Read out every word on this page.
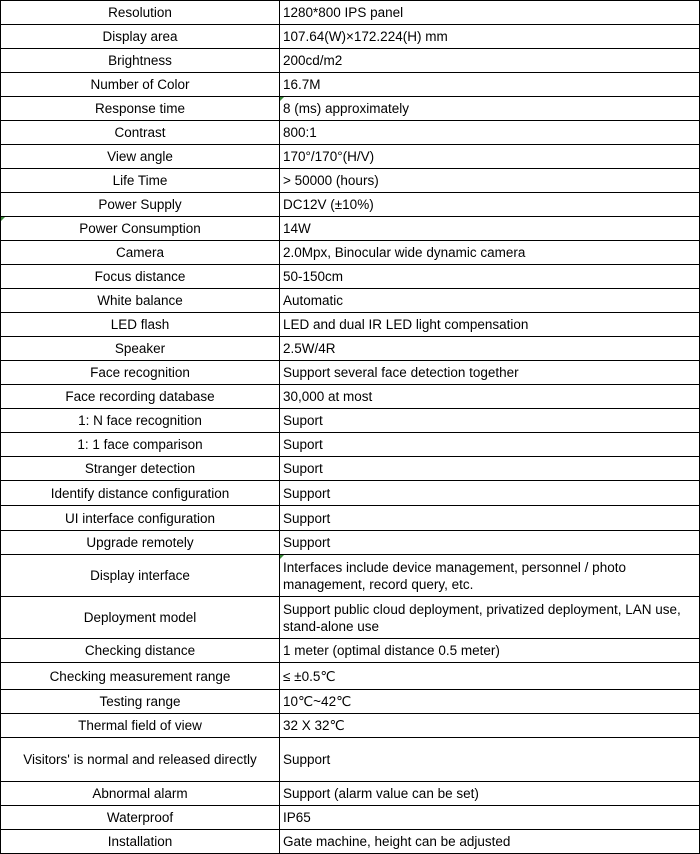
Resolution	1280*800 IPS panel
Display area	107.64(W)×172.224(H) mm
Brightness	200cd/m2
Number of Color	16.7M
Response time	8 (ms) approximately
Contrast	800:1
View angle	170°/170°(H/V)
Life Time	> 50000 (hours)
Power Supply	DC12V (±10%)

Power Consumption	14W
Camera	2.0Mpx, Binocular wide dynamic camera
Focus distance	50-150cm
White balance	Automatic
LED flash	LED and dual IR LED light compensation
Speaker	2.5W/4R
Face recognition	Support several face detection together
Face recording database	30,000 at most
1: N face recognition	Suport
1: 1 face comparison	Suport
Stranger detection	Suport
Identify distance configuration	Support
UI interface configuration	Support
Upgrade remotely	Support
Display interface	Interfaces include device management, personnel / photo management, record query, etc.
Deployment model	Support public cloud deployment, privatized deployment, LAN use, stand-alone use
Checking distance	1 meter (optimal distance 0.5 meter)
Checking measurement range	≤ ±0.5℃
Testing range	10℃~42℃
Thermal field of view	32 X 32℃
Visitors' is normal and released directly	Support
Abnormal alarm	Support (alarm value can be set)
Waterproof	IP65
Installation	Gate machine, height can be adjusted
